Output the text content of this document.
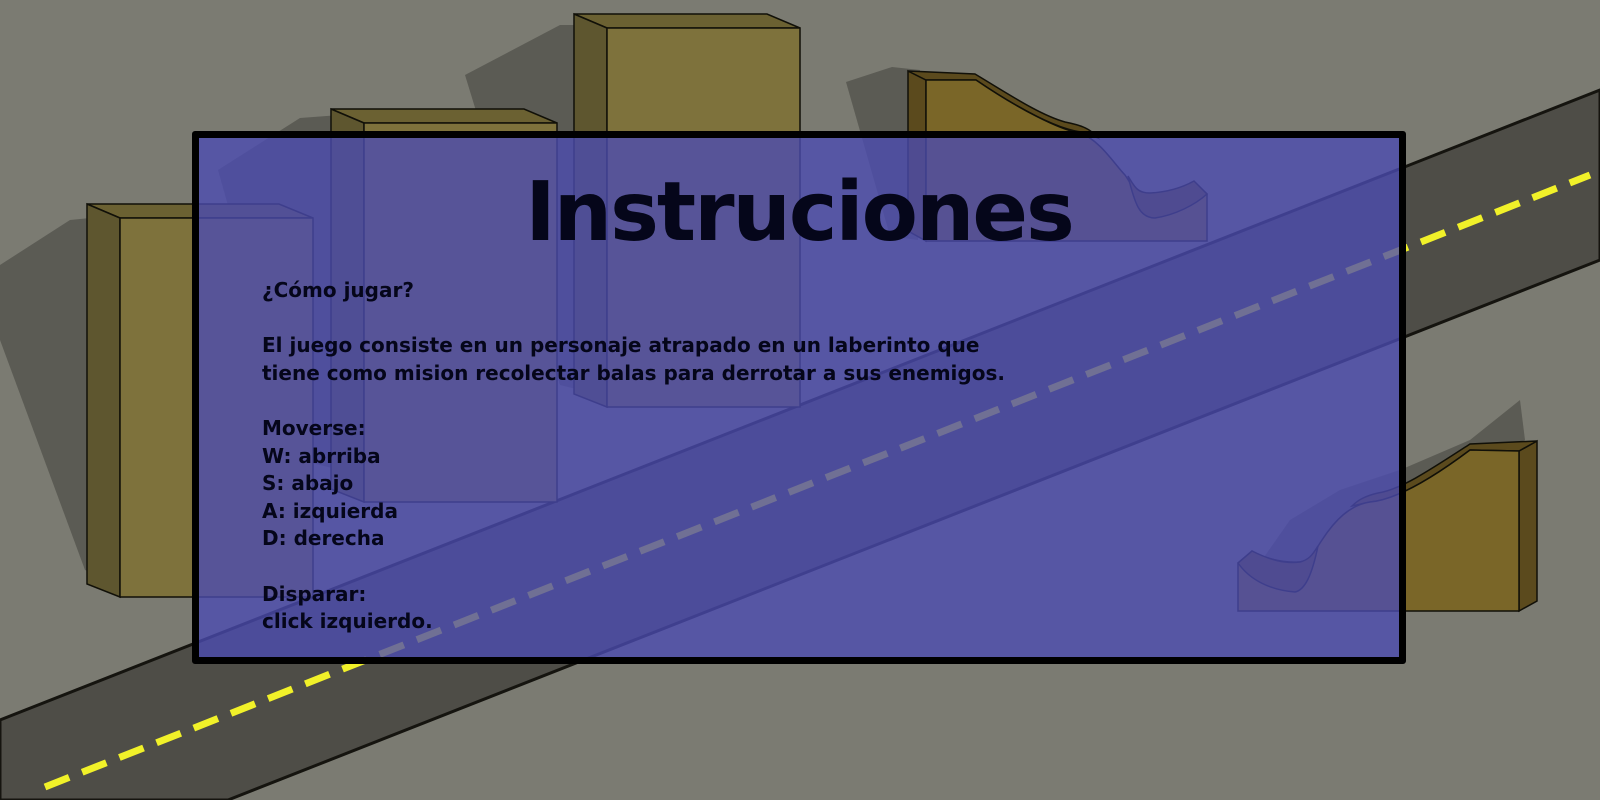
Instruciones
¿Cómo jugar?
El juego consiste en un personaje atrapado en un laberinto que
tiene como mision recolectar balas para derrotar a sus enemigos.
Moverse:
W: abrriba
S: abajo
A: izquierda
D: derecha
Disparar:
click izquierdo.
